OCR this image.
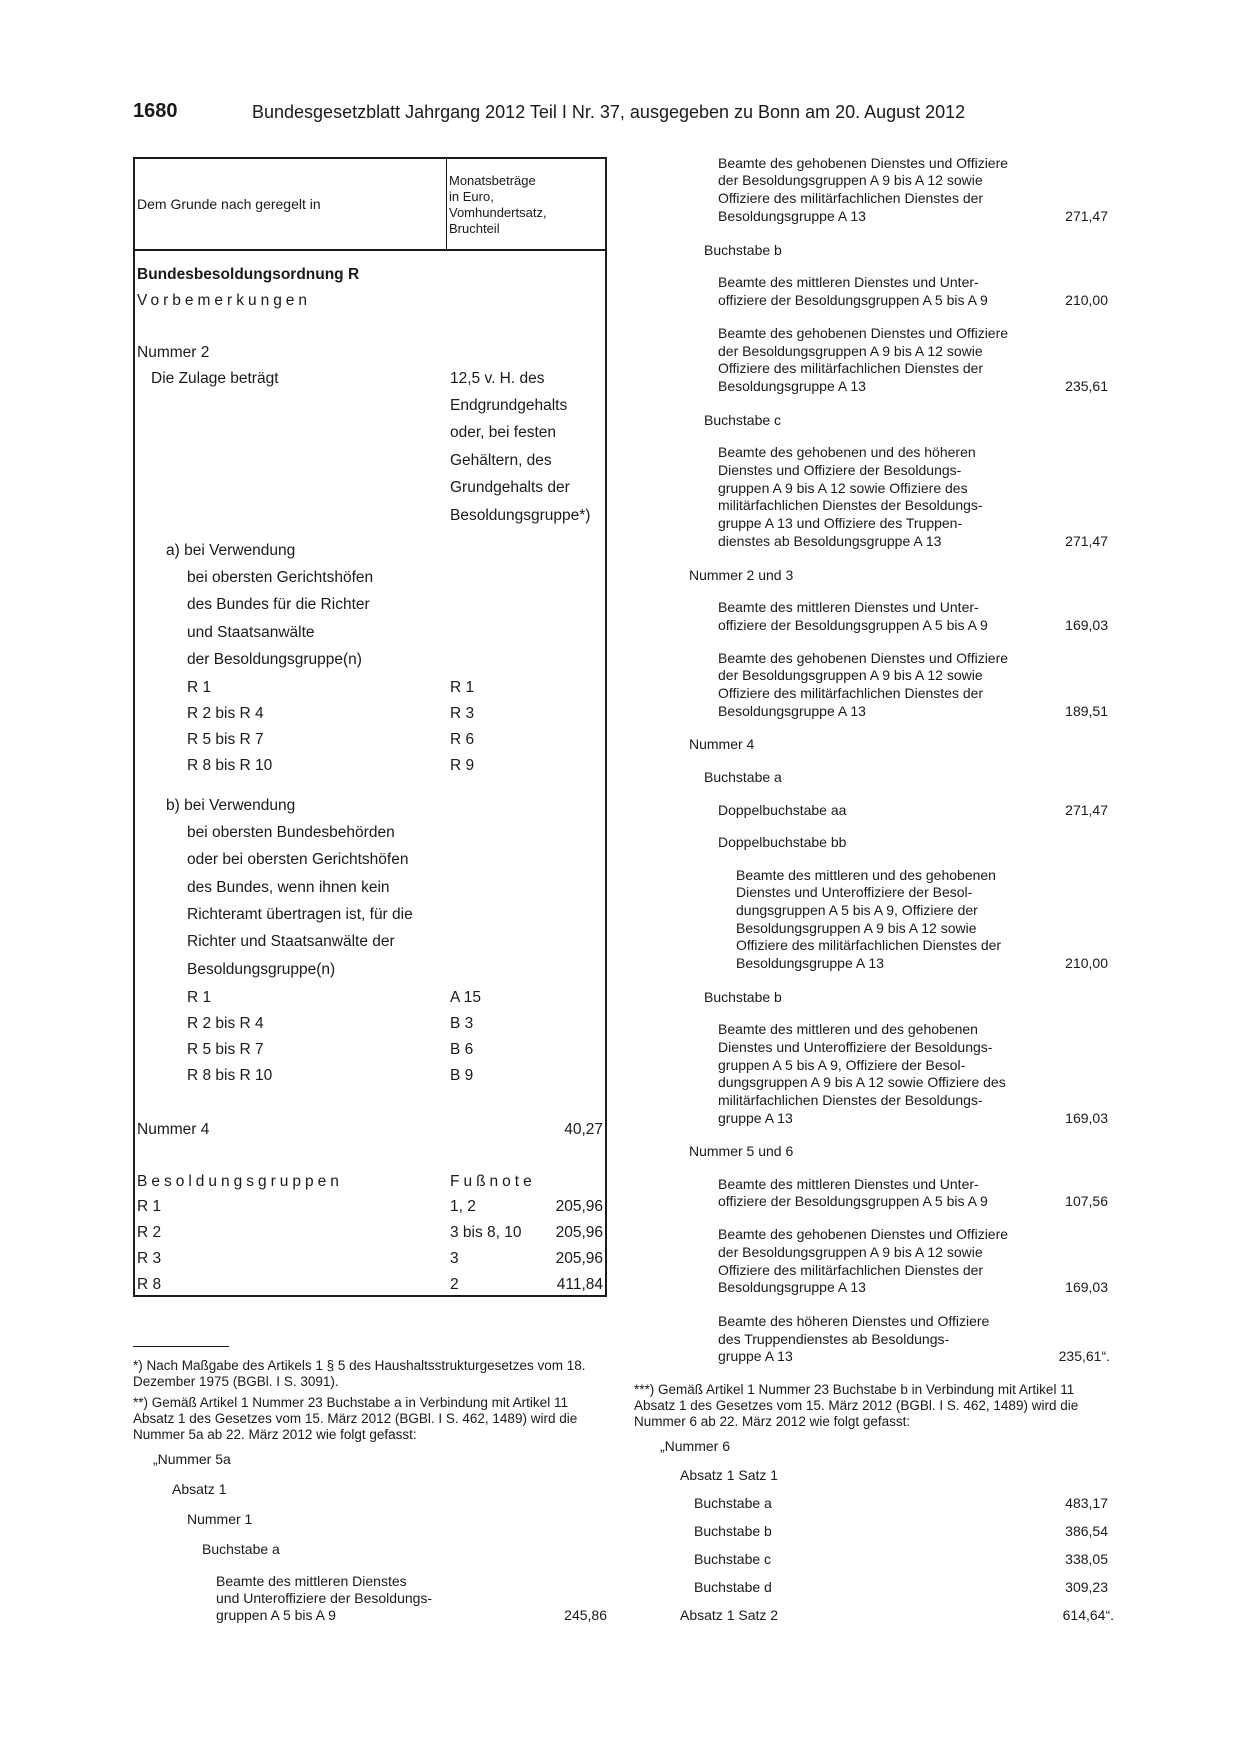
1680	Bundesgesetzblatt Jahrgang 2012 Teil I Nr. 37, ausgegeben zu Bonn am 20. August 2012
Dem Grunde nach geregelt in
Monatsbeträge
in Euro,
Vomhundertsatz,
Bruchteil
Bundesbesoldungsordnung R
Vorbemerkungen
Nummer 2
Die Zulage beträgt	12,5 v. H. des
Endgrundgehalts
oder, bei festen
Gehältern, des
Grundgehalts der
Besoldungsgruppe*)
a) bei Verwendung
bei obersten Gerichtshöfen
des Bundes für die Richter
und Staatsanwälte
der Besoldungsgruppe(n)
R 1	R 1
R 2 bis R 4	R 3
R 5 bis R 7	R 6
R 8 bis R 10	R 9
b) bei Verwendung
bei obersten Bundesbehörden
oder bei obersten Gerichtshöfen
des Bundes, wenn ihnen kein
Richteramt übertragen ist, für die
Richter und Staatsanwälte der
Besoldungsgruppe(n)
R 1	A 15
R 2 bis R 4	B 3
R 5 bis R 7	B 6
R 8 bis R 10	B 9
Nummer 4	40,27
Besoldungsgruppen	Fußnote
R 1	1, 2	205,96
R 2	3 bis 8, 10	205,96
R 3	3	205,96
R 8	2	411,84

*) Nach Maßgabe des Artikels 1 § 5 des Haushaltsstrukturgesetzes vom 18. Dezember 1975 (BGBl. I S. 3091).

**) Gemäß Artikel 1 Nummer 23 Buchstabe a in Verbindung mit Artikel 11 Absatz 1 des Gesetzes vom 15. März 2012 (BGBl. I S. 462, 1489) wird die Nummer 5a ab 22. März 2012 wie folgt gefasst:

„Nummer 5a
Absatz 1
Nummer 1
Buchstabe a
Beamte des mittleren Dienstes
und Unteroffiziere der Besoldungs-
gruppen A 5 bis A 9	245,86
Beamte des gehobenen Dienstes und Offiziere
der Besoldungsgruppen A 9 bis A 12 sowie
Offiziere des militärfachlichen Dienstes der
Besoldungsgruppe A 13	271,47
Buchstabe b
Beamte des mittleren Dienstes und Unter-
offiziere der Besoldungsgruppen A 5 bis A 9	210,00
Beamte des gehobenen Dienstes und Offiziere
der Besoldungsgruppen A 9 bis A 12 sowie
Offiziere des militärfachlichen Dienstes der
Besoldungsgruppe A 13	235,61
Buchstabe c
Beamte des gehobenen und des höheren
Dienstes und Offiziere der Besoldungs-
gruppen A 9 bis A 12 sowie Offiziere des
militärfachlichen Dienstes der Besoldungs-
gruppe A 13 und Offiziere des Truppen-
dienstes ab Besoldungsgruppe A 13	271,47
Nummer 2 und 3
Beamte des mittleren Dienstes und Unter-
offiziere der Besoldungsgruppen A 5 bis A 9	169,03
Beamte des gehobenen Dienstes und Offiziere
der Besoldungsgruppen A 9 bis A 12 sowie
Offiziere des militärfachlichen Dienstes der
Besoldungsgruppe A 13	189,51
Nummer 4
Buchstabe a
Doppelbuchstabe aa	271,47
Doppelbuchstabe bb
Beamte des mittleren und des gehobenen
Dienstes und Unteroffiziere der Besol-
dungsgruppen A 5 bis A 9, Offiziere der
Besoldungsgruppen A 9 bis A 12 sowie
Offiziere des militärfachlichen Dienstes der
Besoldungsgruppe A 13	210,00
Buchstabe b
Beamte des mittleren und des gehobenen
Dienstes und Unteroffiziere der Besoldungs-
gruppen A 5 bis A 9, Offiziere der Besol-
dungsgruppen A 9 bis A 12 sowie Offiziere des
militärfachlichen Dienstes der Besoldungs-
gruppe A 13	169,03
Nummer 5 und 6
Beamte des mittleren Dienstes und Unter-
offiziere der Besoldungsgruppen A 5 bis A 9	107,56
Beamte des gehobenen Dienstes und Offiziere
der Besoldungsgruppen A 9 bis A 12 sowie
Offiziere des militärfachlichen Dienstes der
Besoldungsgruppe A 13	169,03
Beamte des höheren Dienstes und Offiziere
des Truppendienstes ab Besoldungs-
gruppe A 13	235,61“.

***) Gemäß Artikel 1 Nummer 23 Buchstabe b in Verbindung mit Artikel 11 Absatz 1 des Gesetzes vom 15. März 2012 (BGBl. I S. 462, 1489) wird die Nummer 6 ab 22. März 2012 wie folgt gefasst:

„Nummer 6
Absatz 1 Satz 1
Buchstabe a	483,17
Buchstabe b	386,54
Buchstabe c	338,05
Buchstabe d	309,23
Absatz 1 Satz 2	614,64“.
